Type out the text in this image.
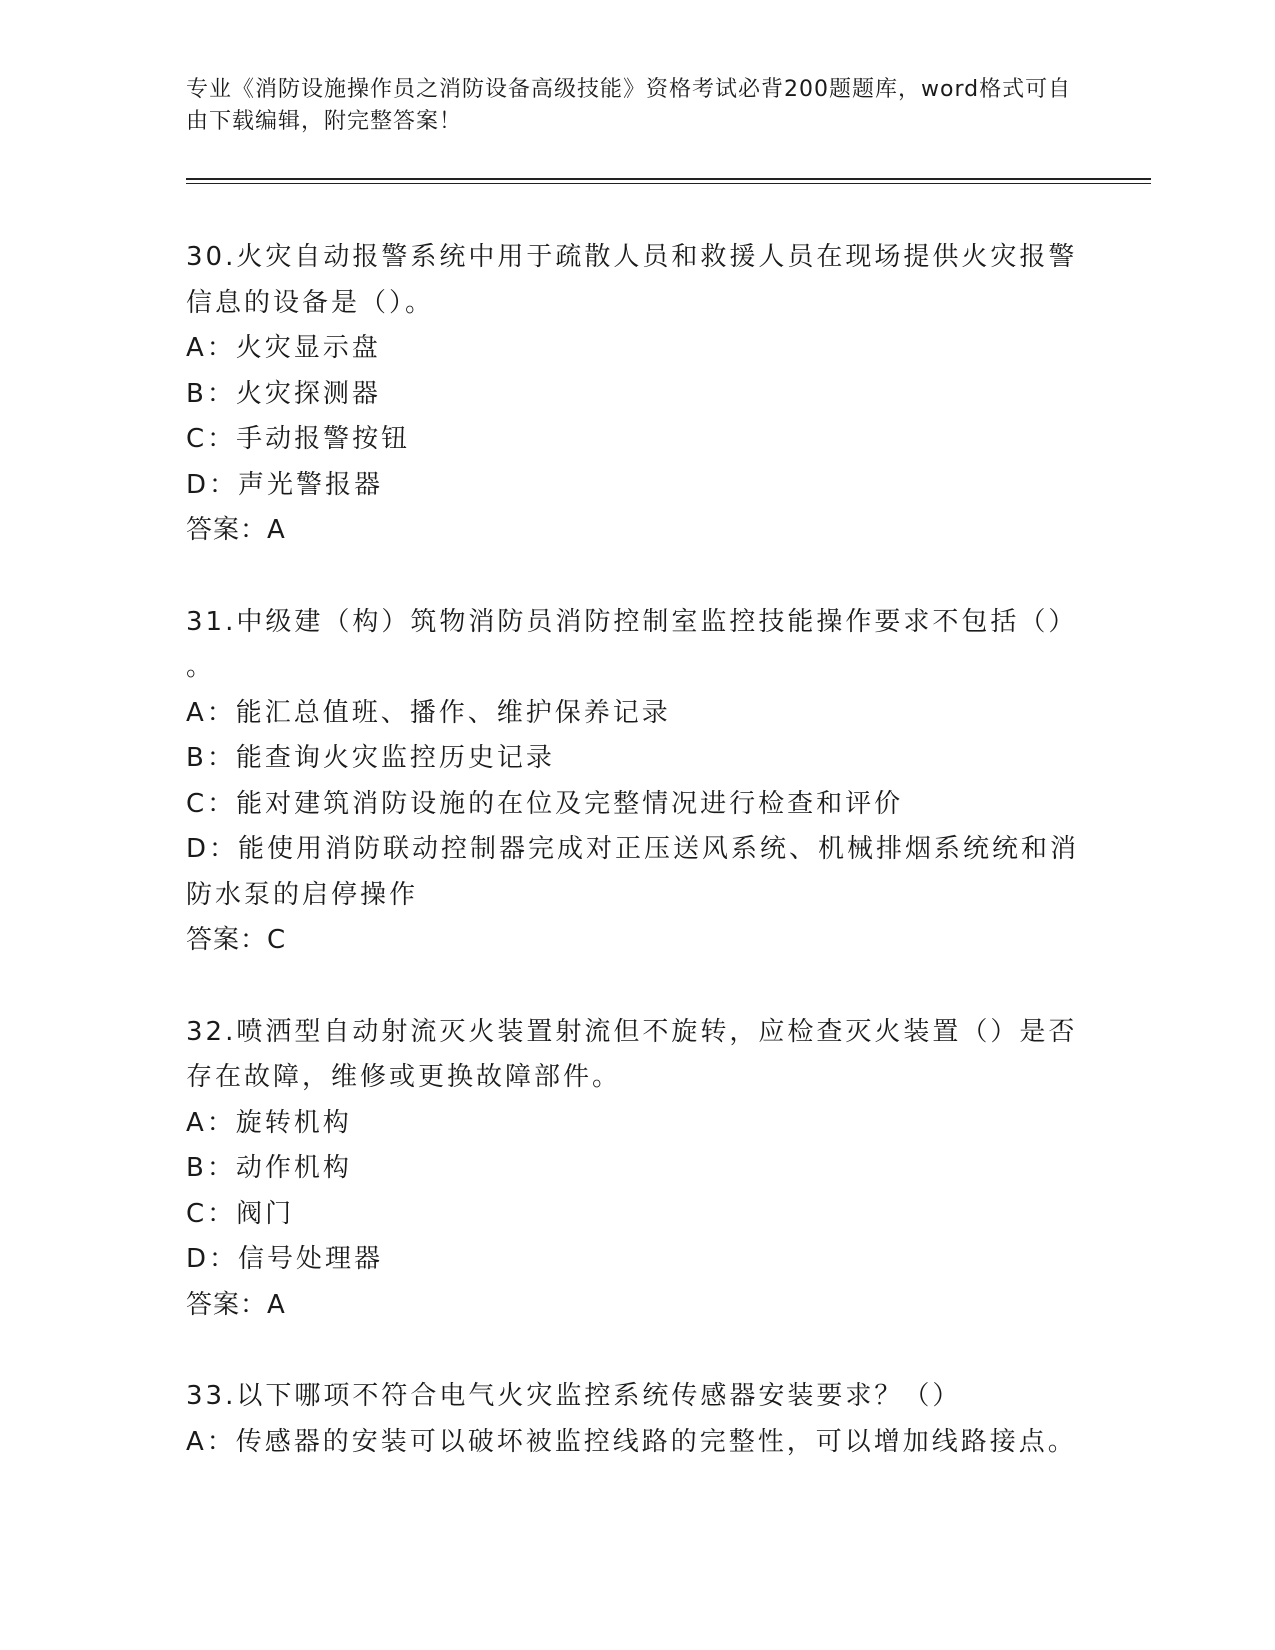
专业《消防设施操作员之消防设备高级技能》资格考试必背200题题库，word格式可自由下载编辑，附完整答案！
30.火灾自动报警系统中用于疏散人员和救援人员在现场提供火灾报警
信息的设备是（）。
A：火灾显示盘
B：火灾探测器
C：手动报警按钮
D：声光警报器
答案：A
31.中级建（构）筑物消防员消防控制室监控技能操作要求不包括（）
。
A：能汇总值班、播作、维护保养记录
B：能查询火灾监控历史记录
C：能对建筑消防设施的在位及完整情况进行检查和评价
D：能使用消防联动控制器完成对正压送风系统、机械排烟系统统和消
防水泵的启停操作
答案：C
32.喷洒型自动射流灭火装置射流但不旋转，应检查灭火装置（）是否
存在故障，维修或更换故障部件。
A：旋转机构
B：动作机构
C：阀门
D：信号处理器
答案：A
33.以下哪项不符合电气火灾监控系统传感器安装要求？（）
A：传感器的安装可以破坏被监控线路的完整性，可以增加线路接点。
